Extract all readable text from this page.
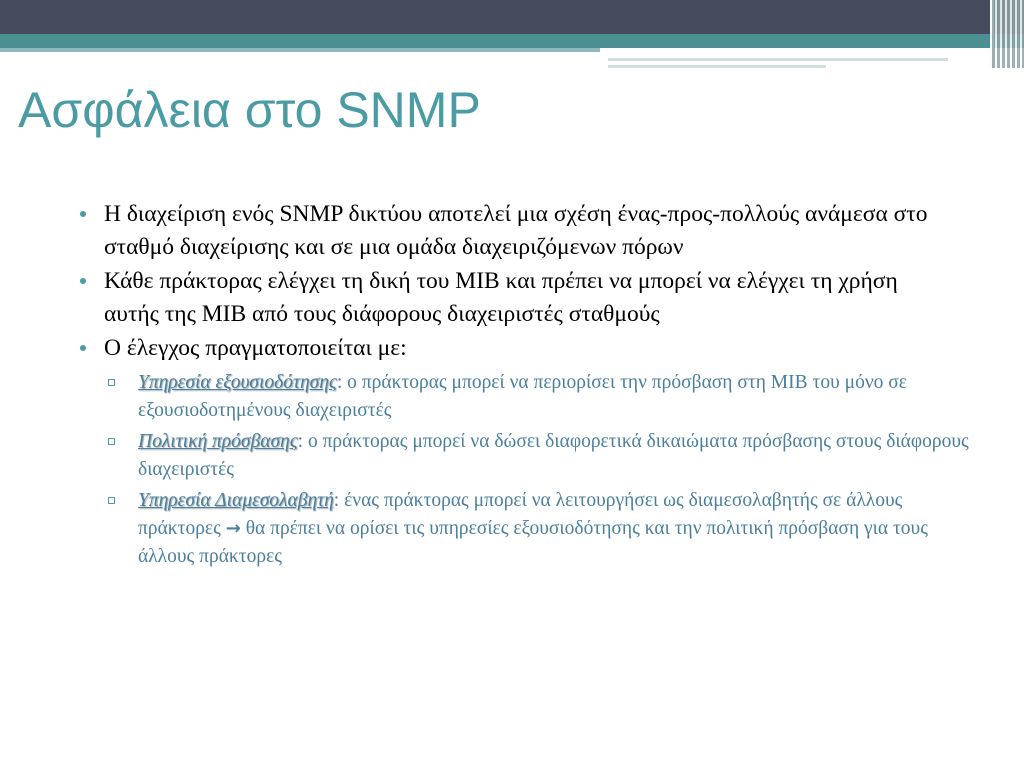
Ασφάλεια στο SNMP
Η διαχείριση ενός SNMP δικτύου αποτελεί μια σχέση ένας-προς-πολλούς ανάμεσα στο σταθμό διαχείρισης και σε μια ομάδα διαχειριζόμενων πόρων
Κάθε πράκτορας ελέγχει τη δική του MIB και πρέπει να μπορεί να ελέγχει τη χρήση αυτής της MIB από τους διάφορους διαχειριστές σταθμούς
Ο έλεγχος πραγματοποιείται με:
Υπηρεσία εξουσιοδότησης: ο πράκτορας μπορεί να περιορίσει την πρόσβαση στη MIB του μόνο σε εξουσιοδοτημένους διαχειριστές
Πολιτική πρόσβασης: ο πράκτορας μπορεί να δώσει διαφορετικά δικαιώματα πρόσβασης στους διάφορους διαχειριστές
Υπηρεσία Διαμεσολαβητή: ένας πράκτορας μπορεί να λειτουργήσει ως διαμεσολαβητής σε άλλους πράκτορες → θα πρέπει να ορίσει τις υπηρεσίες εξουσιοδότησης και την πολιτική πρόσβαση για τους άλλους πράκτορες
